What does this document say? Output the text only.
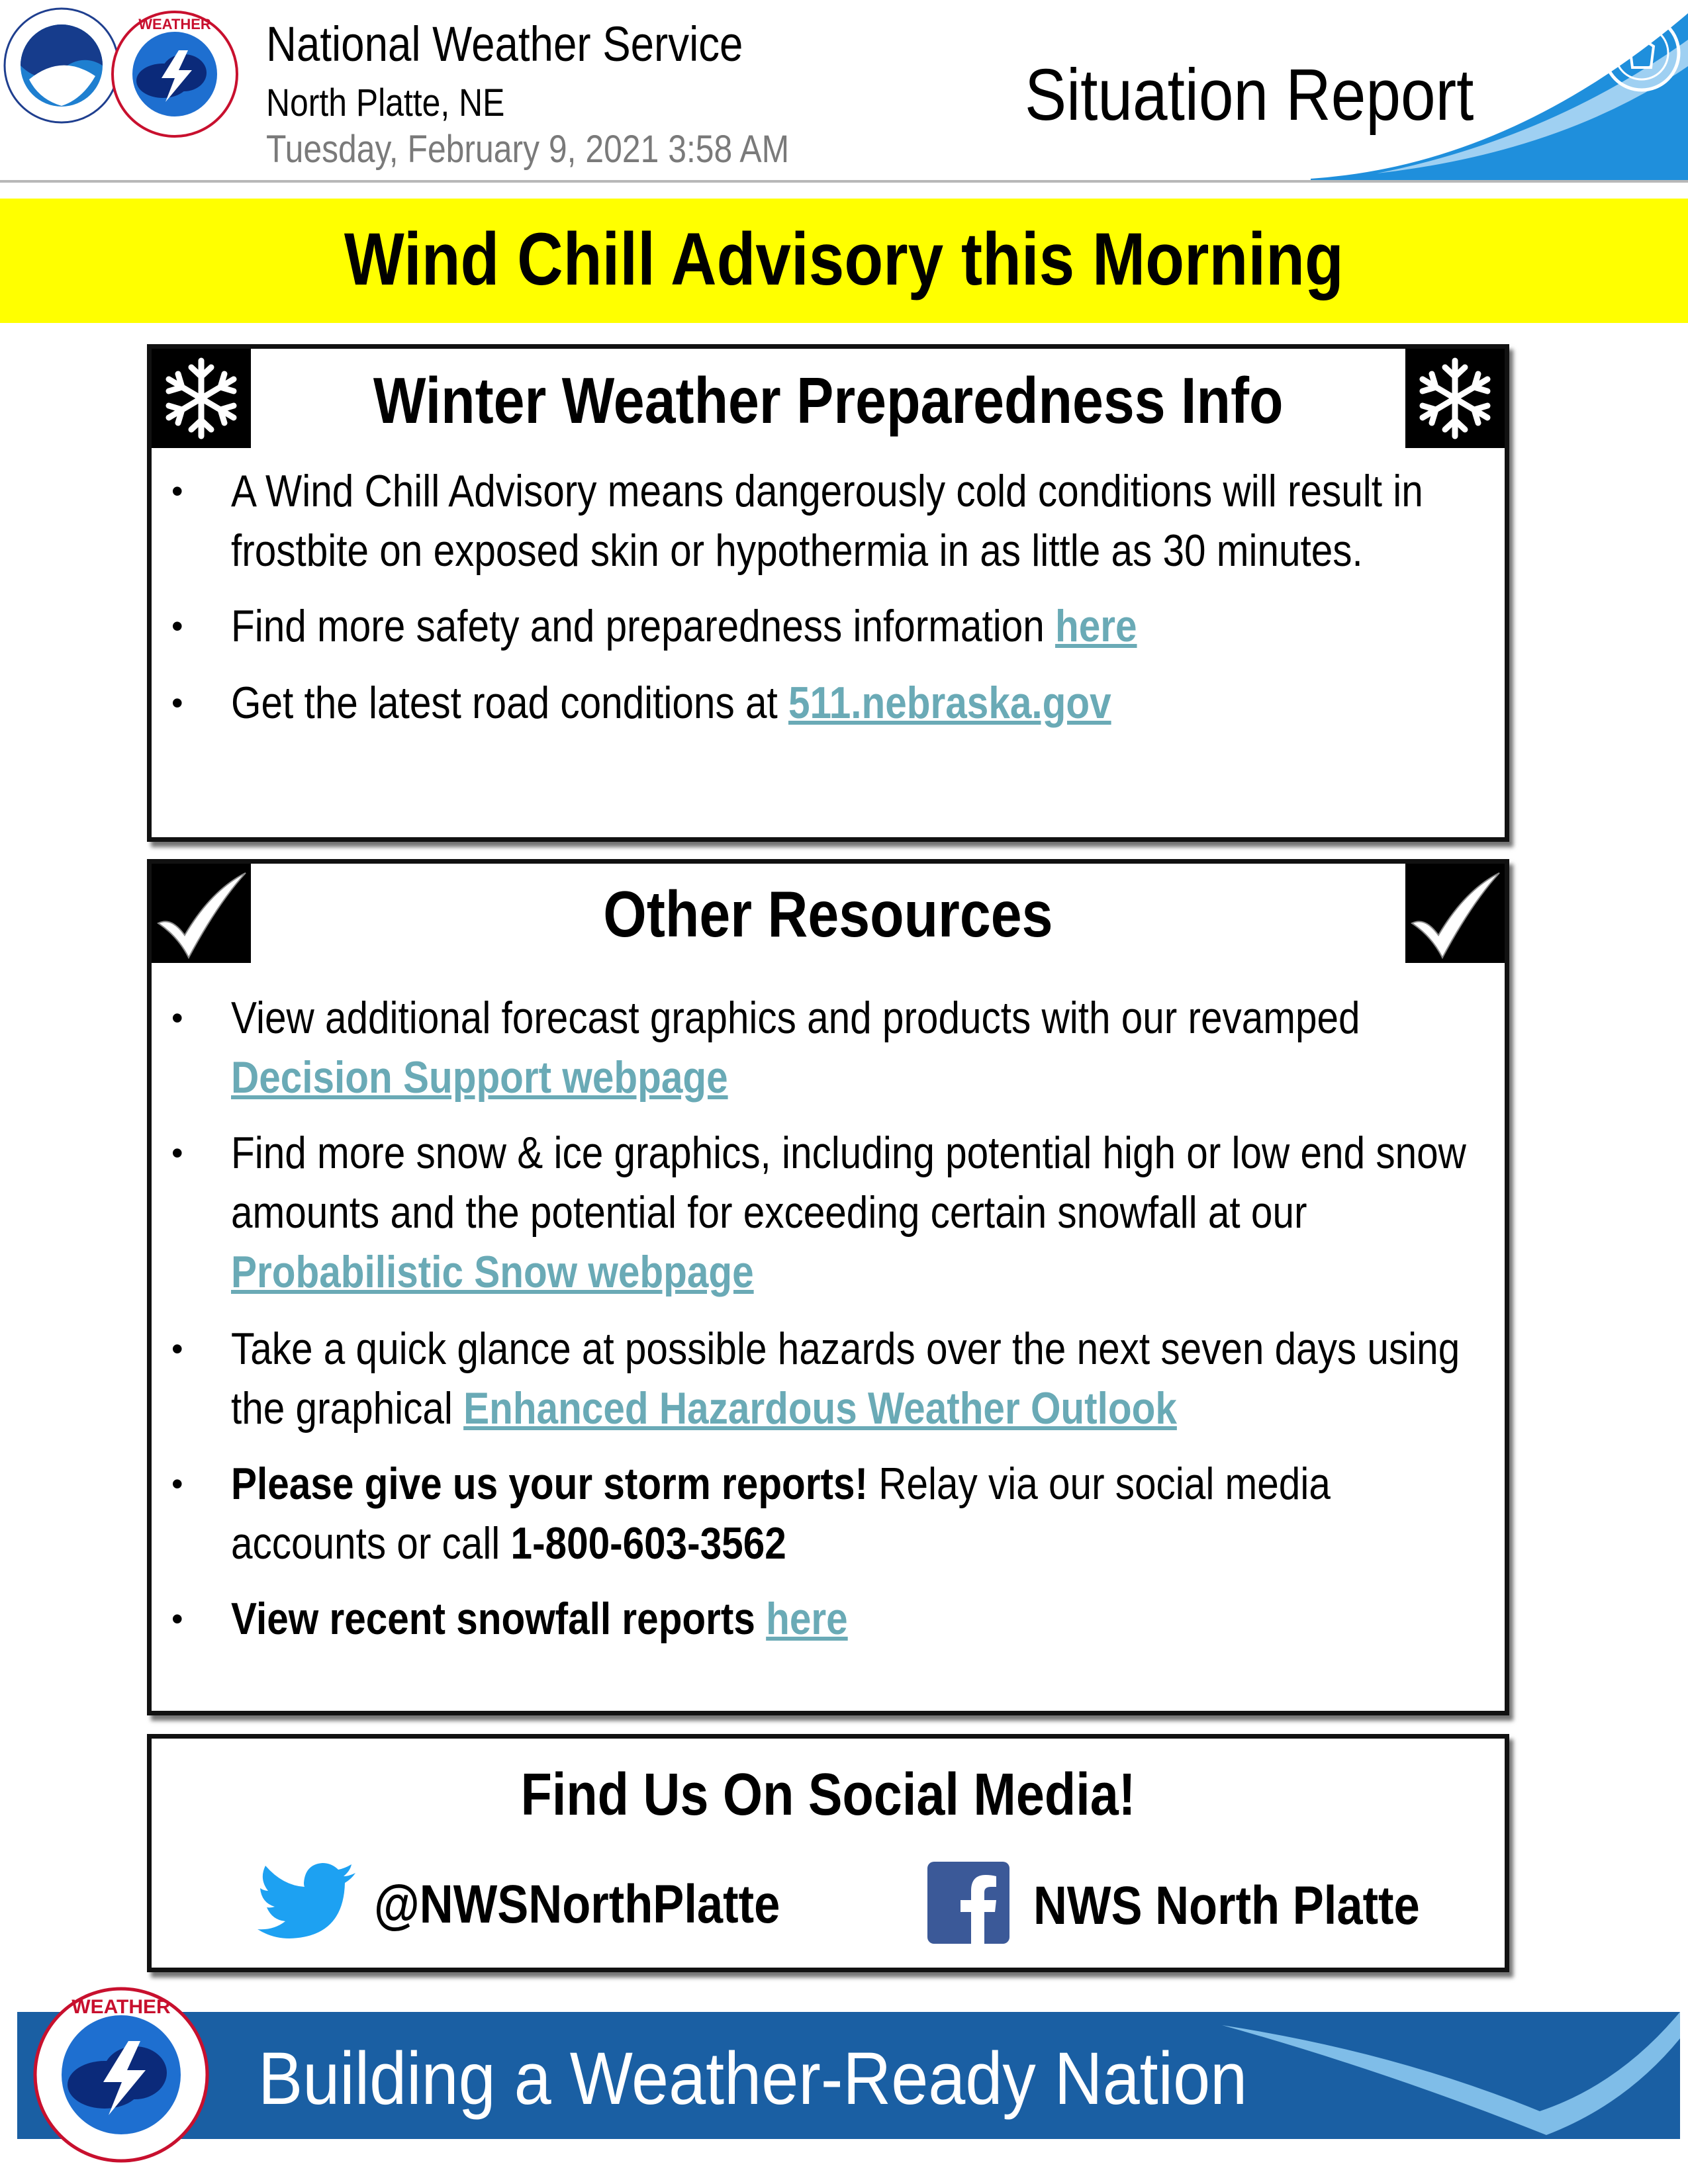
WEATHER National Weather Service
North Platte, NE
Tuesday, February 9, 2021 3:58 AM
Situation Report
Wind Chill Advisory this Morning
Winter Weather Preparedness Info
• A Wind Chill Advisory means dangerously cold conditions will result in frostbite on exposed skin or hypothermia in as little as 30 minutes.
• Find more safety and preparedness information here
• Get the latest road conditions at 511.nebraska.gov
Other Resources
• View additional forecast graphics and products with our revamped Decision Support webpage
• Find more snow & ice graphics, including potential high or low end snow amounts and the potential for exceeding certain snowfall at our Probabilistic Snow webpage
• Take a quick glance at possible hazards over the next seven days using the graphical Enhanced Hazardous Weather Outlook
• Please give us your storm reports! Relay via our social media accounts or call 1-800-603-3562
• View recent snowfall reports here
Find Us On Social Media!
@NWSNorthPlatte	NWS North Platte
WEATHER
Building a Weather-Ready Nation
